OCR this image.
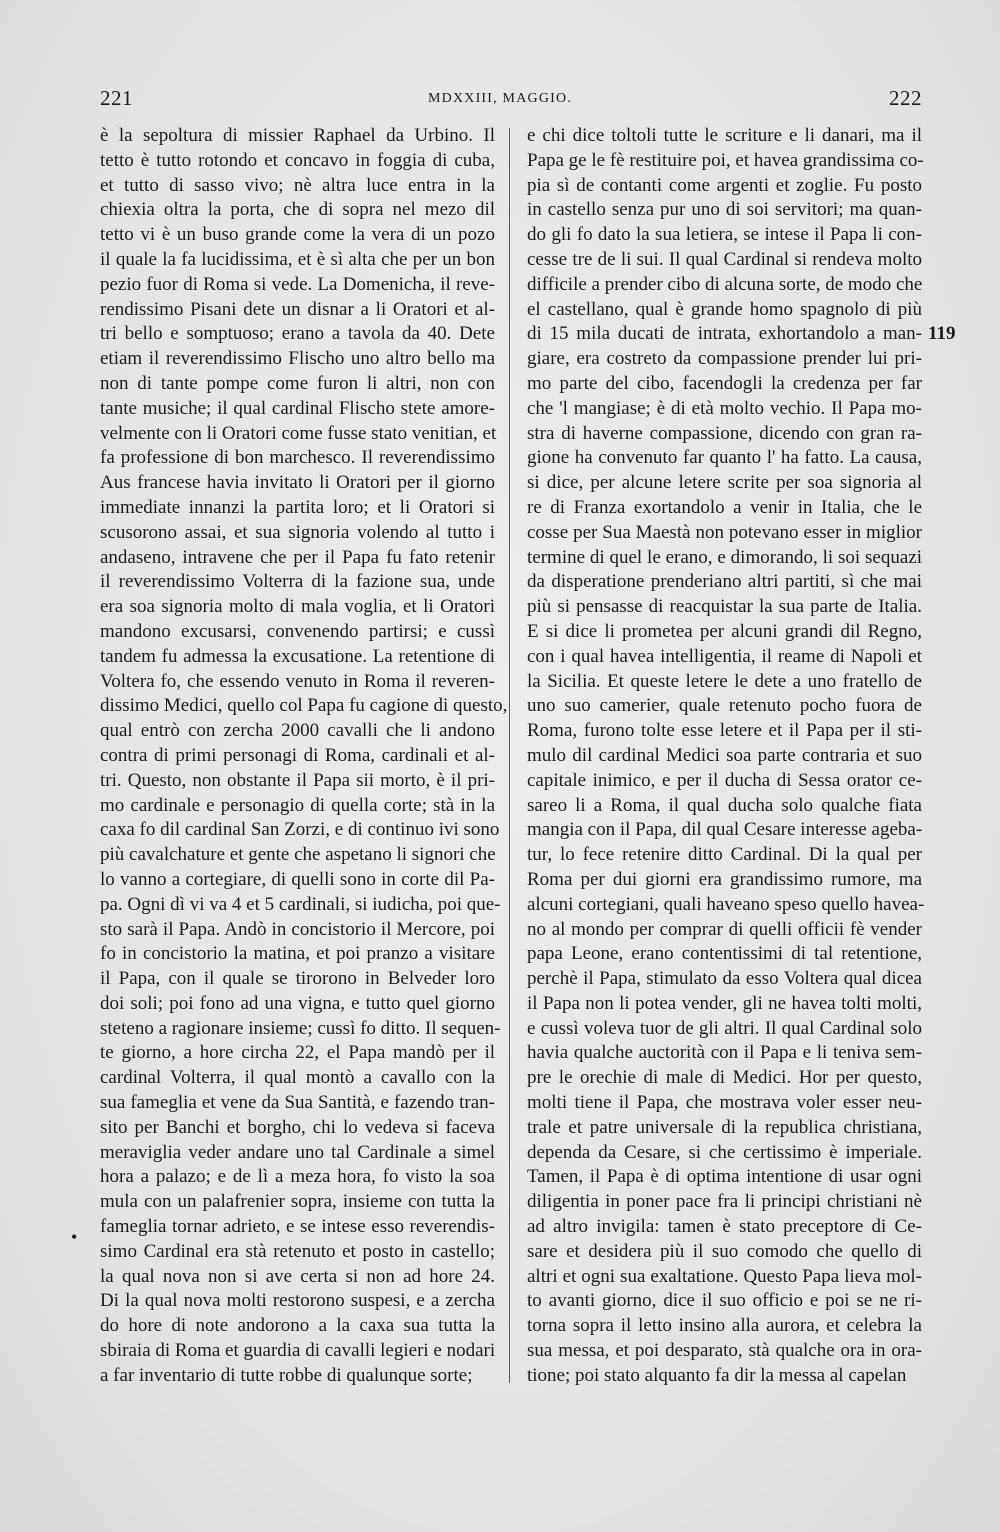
221	MDXXIII, MAGGIO.	222
è la sepoltura di missier Raphael da Urbino. Il
tetto è tutto rotondo et concavo in foggia di cuba,
et tutto di sasso vivo; nè altra luce entra in la
chiexia oltra la porta, che di sopra nel mezo dil
tetto vi è un buso grande come la vera di un pozo
il quale la fa lucidissima, et è sì alta che per un bon
pezio fuor di Roma si vede. La Domenicha, il reve-
rendissimo Pisani dete un disnar a li Oratori et al-
tri bello e somptuoso; erano a tavola da 40. Dete
etiam il reverendissimo Flischo uno altro bello ma
non di tante pompe come furon li altri, non con
tante musiche; il qual cardinal Flischo stete amore-
velmente con li Oratori come fusse stato venitian, et
fa professione di bon marchesco. Il reverendissimo
Aus francese havia invitato li Oratori per il giorno
immediate innanzi la partita loro; et li Oratori si
scusorono assai, et sua signoria volendo al tutto i
andaseno, intravene che per il Papa fu fato retenir
il reverendissimo Volterra di la fazione sua, unde
era soa signoria molto di mala voglia, et li Oratori
mandono excusarsi, convenendo partirsi; e cussì
tandem fu admessa la excusatione. La retentione di
Voltera fo, che essendo venuto in Roma il reveren-
dissimo Medici, quello col Papa fu cagione di questo,
qual entrò con zercha 2000 cavalli che li andono
contra di primi personagi di Roma, cardinali et al-
tri. Questo, non obstante il Papa sii morto, è il pri-
mo cardinale e personagio di quella corte; stà in la
caxa fo dil cardinal San Zorzi, e di continuo ivi sono
più cavalchature et gente che aspetano li signori che
lo vanno a cortegiare, di quelli sono in corte dil Pa-
pa. Ogni dì vi va 4 et 5 cardinali, si iudicha, poi que-
sto sarà il Papa. Andò in concistorio il Mercore, poi
fo in concistorio la matina, et poi pranzo a visitare
il Papa, con il quale se tirorono in Belveder loro
doi soli; poi fono ad una vigna, e tutto quel giorno
steteno a ragionare insieme; cussì fo ditto. Il sequen-
te giorno, a hore circha 22, el Papa mandò per il
cardinal Volterra, il qual montò a cavallo con la
sua fameglia et vene da Sua Santità, e fazendo tran-
sito per Banchi et borgho, chi lo vedeva si faceva
meraviglia veder andare uno tal Cardinale a simel
hora a palazo; e de lì a meza hora, fo visto la soa
mula con un palafrenier sopra, insieme con tutta la
fameglia tornar adrieto, e se intese esso reverendis-
simo Cardinal era stà retenuto et posto in castello;
la qual nova non si ave certa si non ad hore 24.
Di la qual nova molti restorono suspesi, e a zercha
do hore di note andorono a la caxa sua tutta la
sbiraia di Roma et guardia di cavalli legieri e nodari
a far inventario di tutte robbe di qualunque sorte;
e chi dice toltoli tutte le scriture e li danari, ma il
Papa ge le fè restituire poi, et havea grandissima co-
pia sì de contanti come argenti et zoglie. Fu posto
in castello senza pur uno di soi servitori; ma quan-
do gli fo dato la sua letiera, se intese il Papa li con-
cesse tre de li sui. Il qual Cardinal si rendeva molto
difficile a prender cibo di alcuna sorte, de modo che
el castellano, qual è grande homo spagnolo di più
di 15 mila ducati de intrata, exhortandolo a man-
giare, era costreto da compassione prender lui pri-
mo parte del cibo, facendogli la credenza per far
che 'l mangiase; è di età molto vechio. Il Papa mo-
stra di haverne compassione, dicendo con gran ra-
gione ha convenuto far quanto l' ha fatto. La causa,
si dice, per alcune letere scrite per soa signoria al
re di Franza exortandolo a venir in Italia, che le
cosse per Sua Maestà non potevano esser in miglior
termine di quel le erano, e dimorando, li soi sequazi
da disperatione prenderiano altri partiti, sì che mai
più si pensasse di reacquistar la sua parte de Italia.
E si dice li prometea per alcuni grandi dil Regno,
con i qual havea intelligentia, il reame di Napoli et
la Sicilia. Et queste letere le dete a uno fratello de
uno suo camerier, quale retenuto pocho fuora de
Roma, furono tolte esse letere et il Papa per il sti-
mulo dil cardinal Medici soa parte contraria et suo
capitale inimico, e per il ducha di Sessa orator ce-
sareo li a Roma, il qual ducha solo qualche fiata
mangia con il Papa, dil qual Cesare interesse ageba-
tur, lo fece retenire ditto Cardinal. Di la qual per
Roma per dui giorni era grandissimo rumore, ma
alcuni cortegiani, quali haveano speso quello havea-
no al mondo per comprar di quelli officii fè vender
papa Leone, erano contentissimi di tal retentione,
perchè il Papa, stimulato da esso Voltera qual dicea
il Papa non li potea vender, gli ne havea tolti molti,
e cussì voleva tuor de gli altri. Il qual Cardinal solo
havia qualche auctorità con il Papa e li teniva sem-
pre le orechie di male di Medici. Hor per questo,
molti tiene il Papa, che mostrava voler esser neu-
trale et patre universale di la republica christiana,
dependa da Cesare, si che certissimo è imperiale.
Tamen, il Papa è di optima intentione di usar ogni
diligentia in poner pace fra li principi christiani nè
ad altro invigila: tamen è stato preceptore di Ce-
sare et desidera più il suo comodo che quello di
altri et ogni sua exaltatione. Questo Papa lieva mol-
to avanti giorno, dice il suo officio e poi se ne ri-
torna sopra il letto insino alla aurora, et celebra la
sua messa, et poi desparato, stà qualche ora in ora-
tione; poi stato alquanto fa dir la messa al capelan
119
•
